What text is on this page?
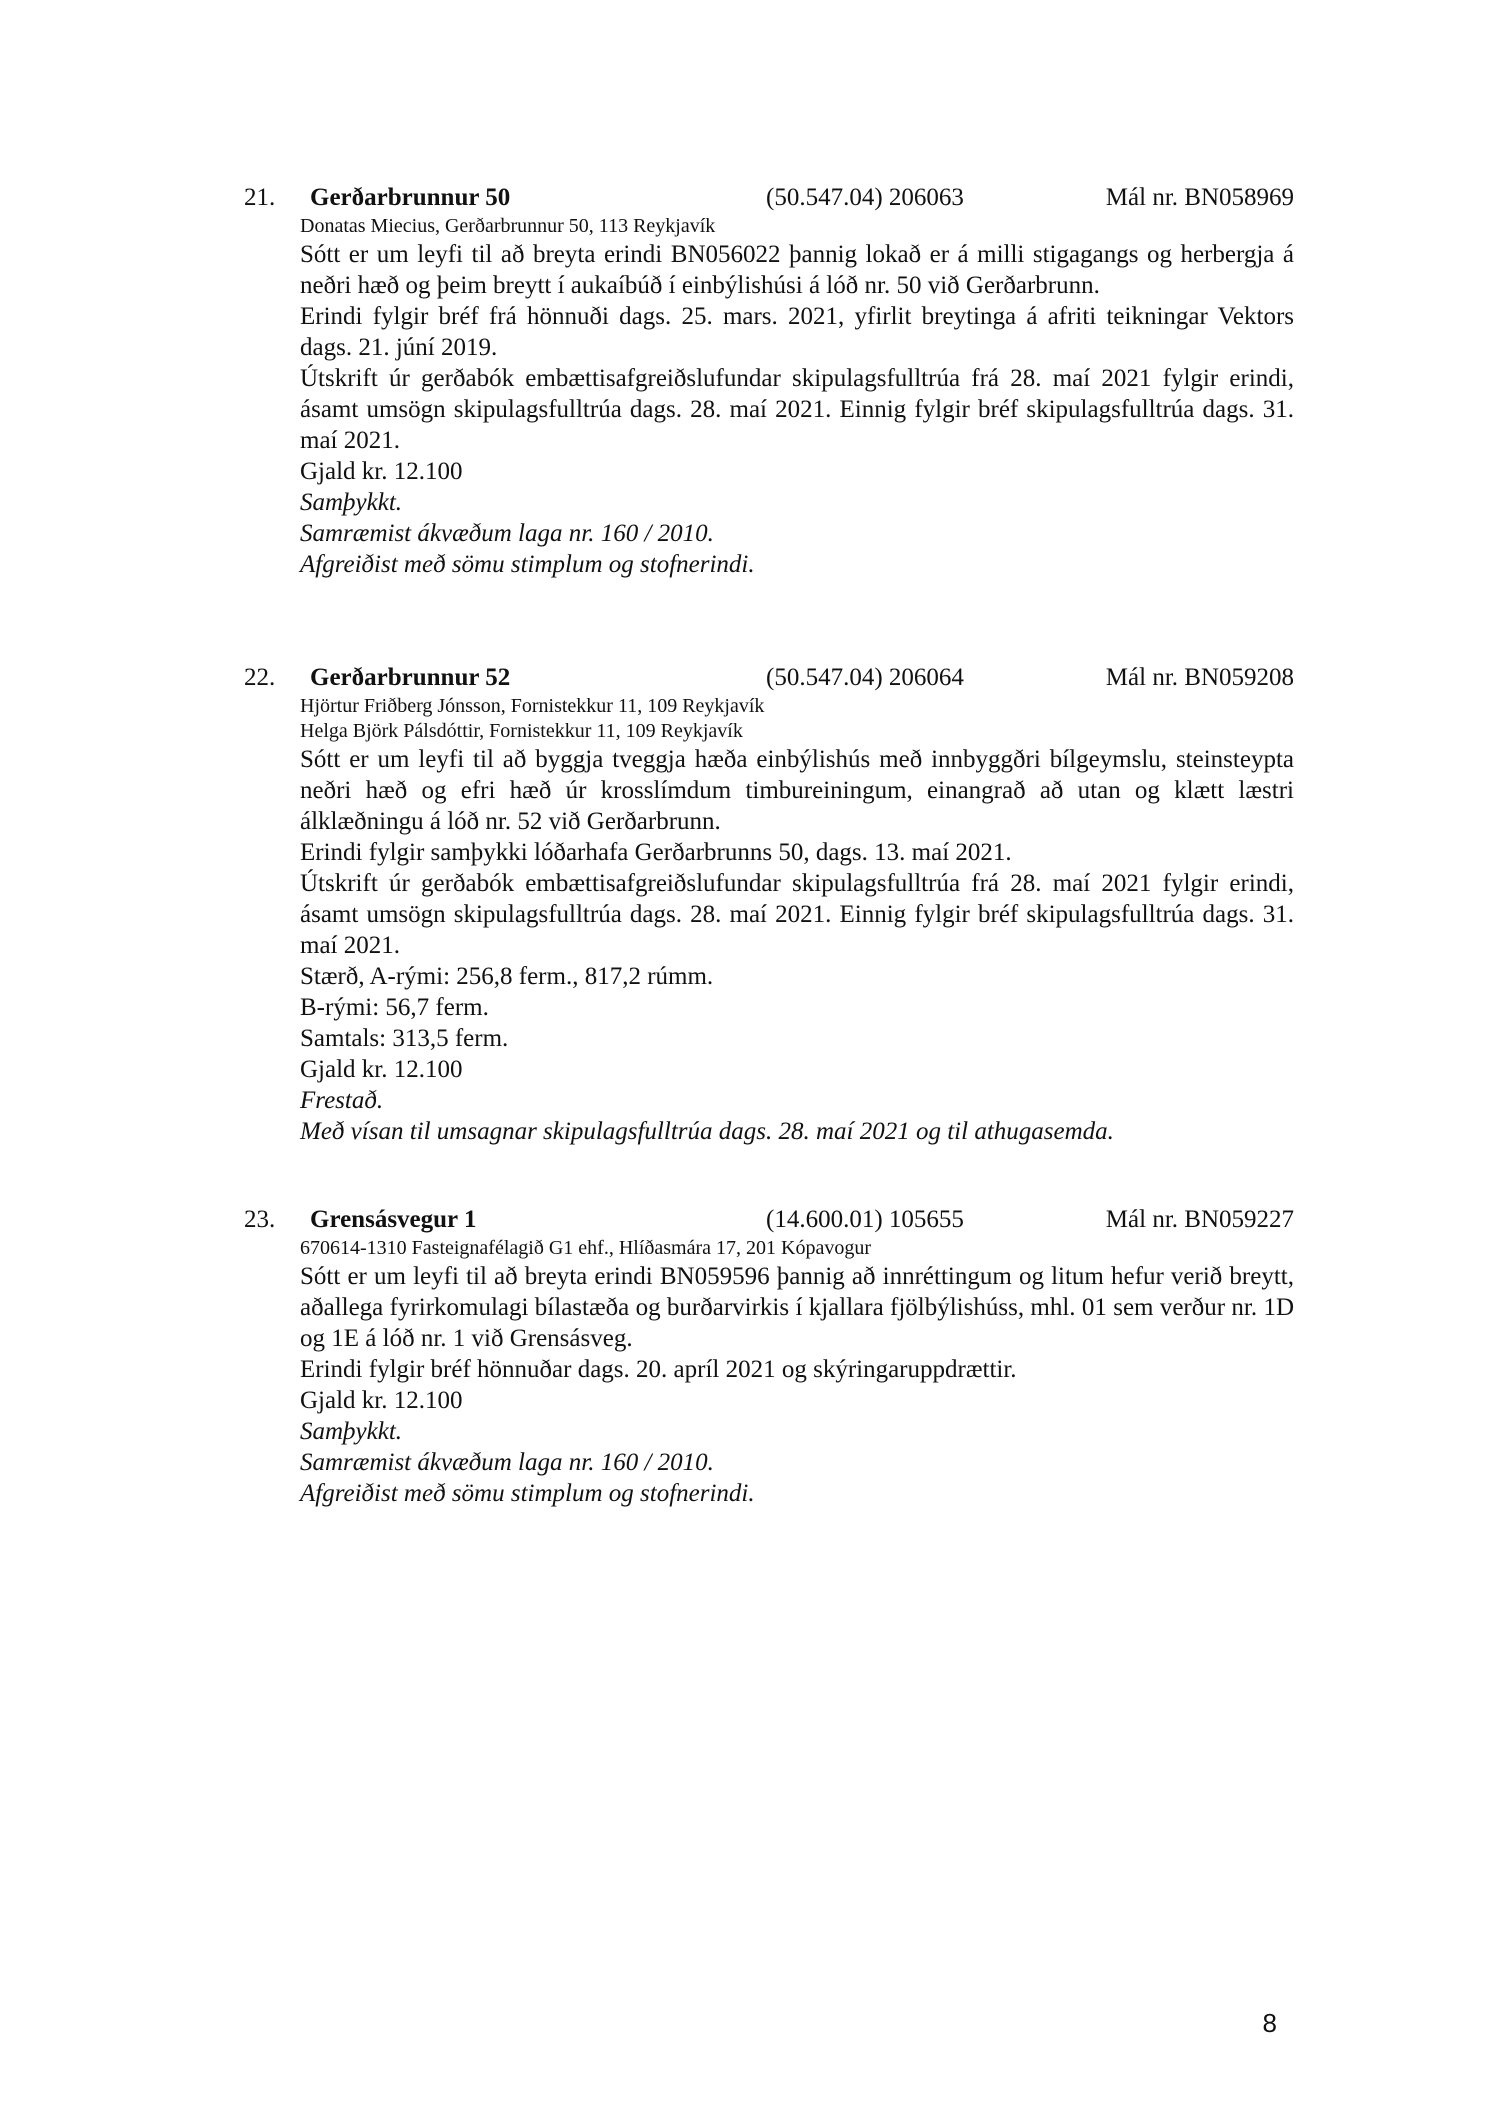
21. Gerðarbrunnur 50	(50.547.04) 206063	Mál nr. BN058969
Donatas Miecius, Gerðarbrunnur 50, 113 Reykjavík
Sótt er um leyfi til að breyta erindi BN056022 þannig lokað er á milli stigagangs og herbergja á neðri hæð og þeim breytt í aukaíbúð í einbýlishúsi á lóð nr. 50 við Gerðarbrunn.
Erindi fylgir bréf frá hönnuði dags. 25. mars. 2021, yfirlit breytinga á afriti teikningar Vektors dags. 21. júní 2019.
Útskrift úr gerðabók embættisafgreiðslufundar skipulagsfulltrúa frá 28. maí 2021 fylgir erindi, ásamt umsögn skipulagsfulltrúa dags. 28. maí 2021. Einnig fylgir bréf skipulagsfulltrúa dags. 31. maí 2021.
Gjald kr. 12.100
Samþykkt.
Samræmist ákvæðum laga nr. 160 / 2010.
Afgreiðist með sömu stimplum og stofnerindi.
22. Gerðarbrunnur 52	(50.547.04) 206064	Mál nr. BN059208
Hjörtur Friðberg Jónsson, Fornistekkur 11, 109 Reykjavík
Helga Björk Pálsdóttir, Fornistekkur 11, 109 Reykjavík
Sótt er um leyfi til að byggja tveggja hæða einbýlishús með innbyggðri bílgeymslu, steinsteypta neðri hæð og efri hæð úr krosslímdum timbureiningum, einangrað að utan og klætt læstri álklæðningu á lóð nr. 52 við Gerðarbrunn.
Erindi fylgir samþykki lóðarhafa Gerðarbrunns 50, dags. 13. maí 2021.
Útskrift úr gerðabók embættisafgreiðslufundar skipulagsfulltrúa frá 28. maí 2021 fylgir erindi, ásamt umsögn skipulagsfulltrúa dags. 28. maí 2021. Einnig fylgir bréf skipulagsfulltrúa dags. 31. maí 2021.
Stærð, A-rými: 256,8 ferm., 817,2 rúmm.
B-rými: 56,7 ferm.
Samtals: 313,5 ferm.
Gjald kr. 12.100
Frestað.
Með vísan til umsagnar skipulagsfulltrúa dags. 28. maí 2021 og til athugasemda.
23. Grensásvegur 1	(14.600.01) 105655	Mál nr. BN059227
670614-1310 Fasteignafélagið G1 ehf., Hlíðasmára 17, 201 Kópavogur
Sótt er um leyfi til að breyta erindi BN059596 þannig að innréttingum og litum hefur verið breytt, aðallega fyrirkomulagi bílastæða og burðarvirkis í kjallara fjölbýlishúss, mhl. 01 sem verður nr. 1D og 1E á lóð nr. 1 við Grensásveg.
Erindi fylgir bréf hönnuðar dags. 20. apríl 2021 og skýringaruppdrættir.
Gjald kr. 12.100
Samþykkt.
Samræmist ákvæðum laga nr. 160 / 2010.
Afgreiðist með sömu stimplum og stofnerindi.
8
